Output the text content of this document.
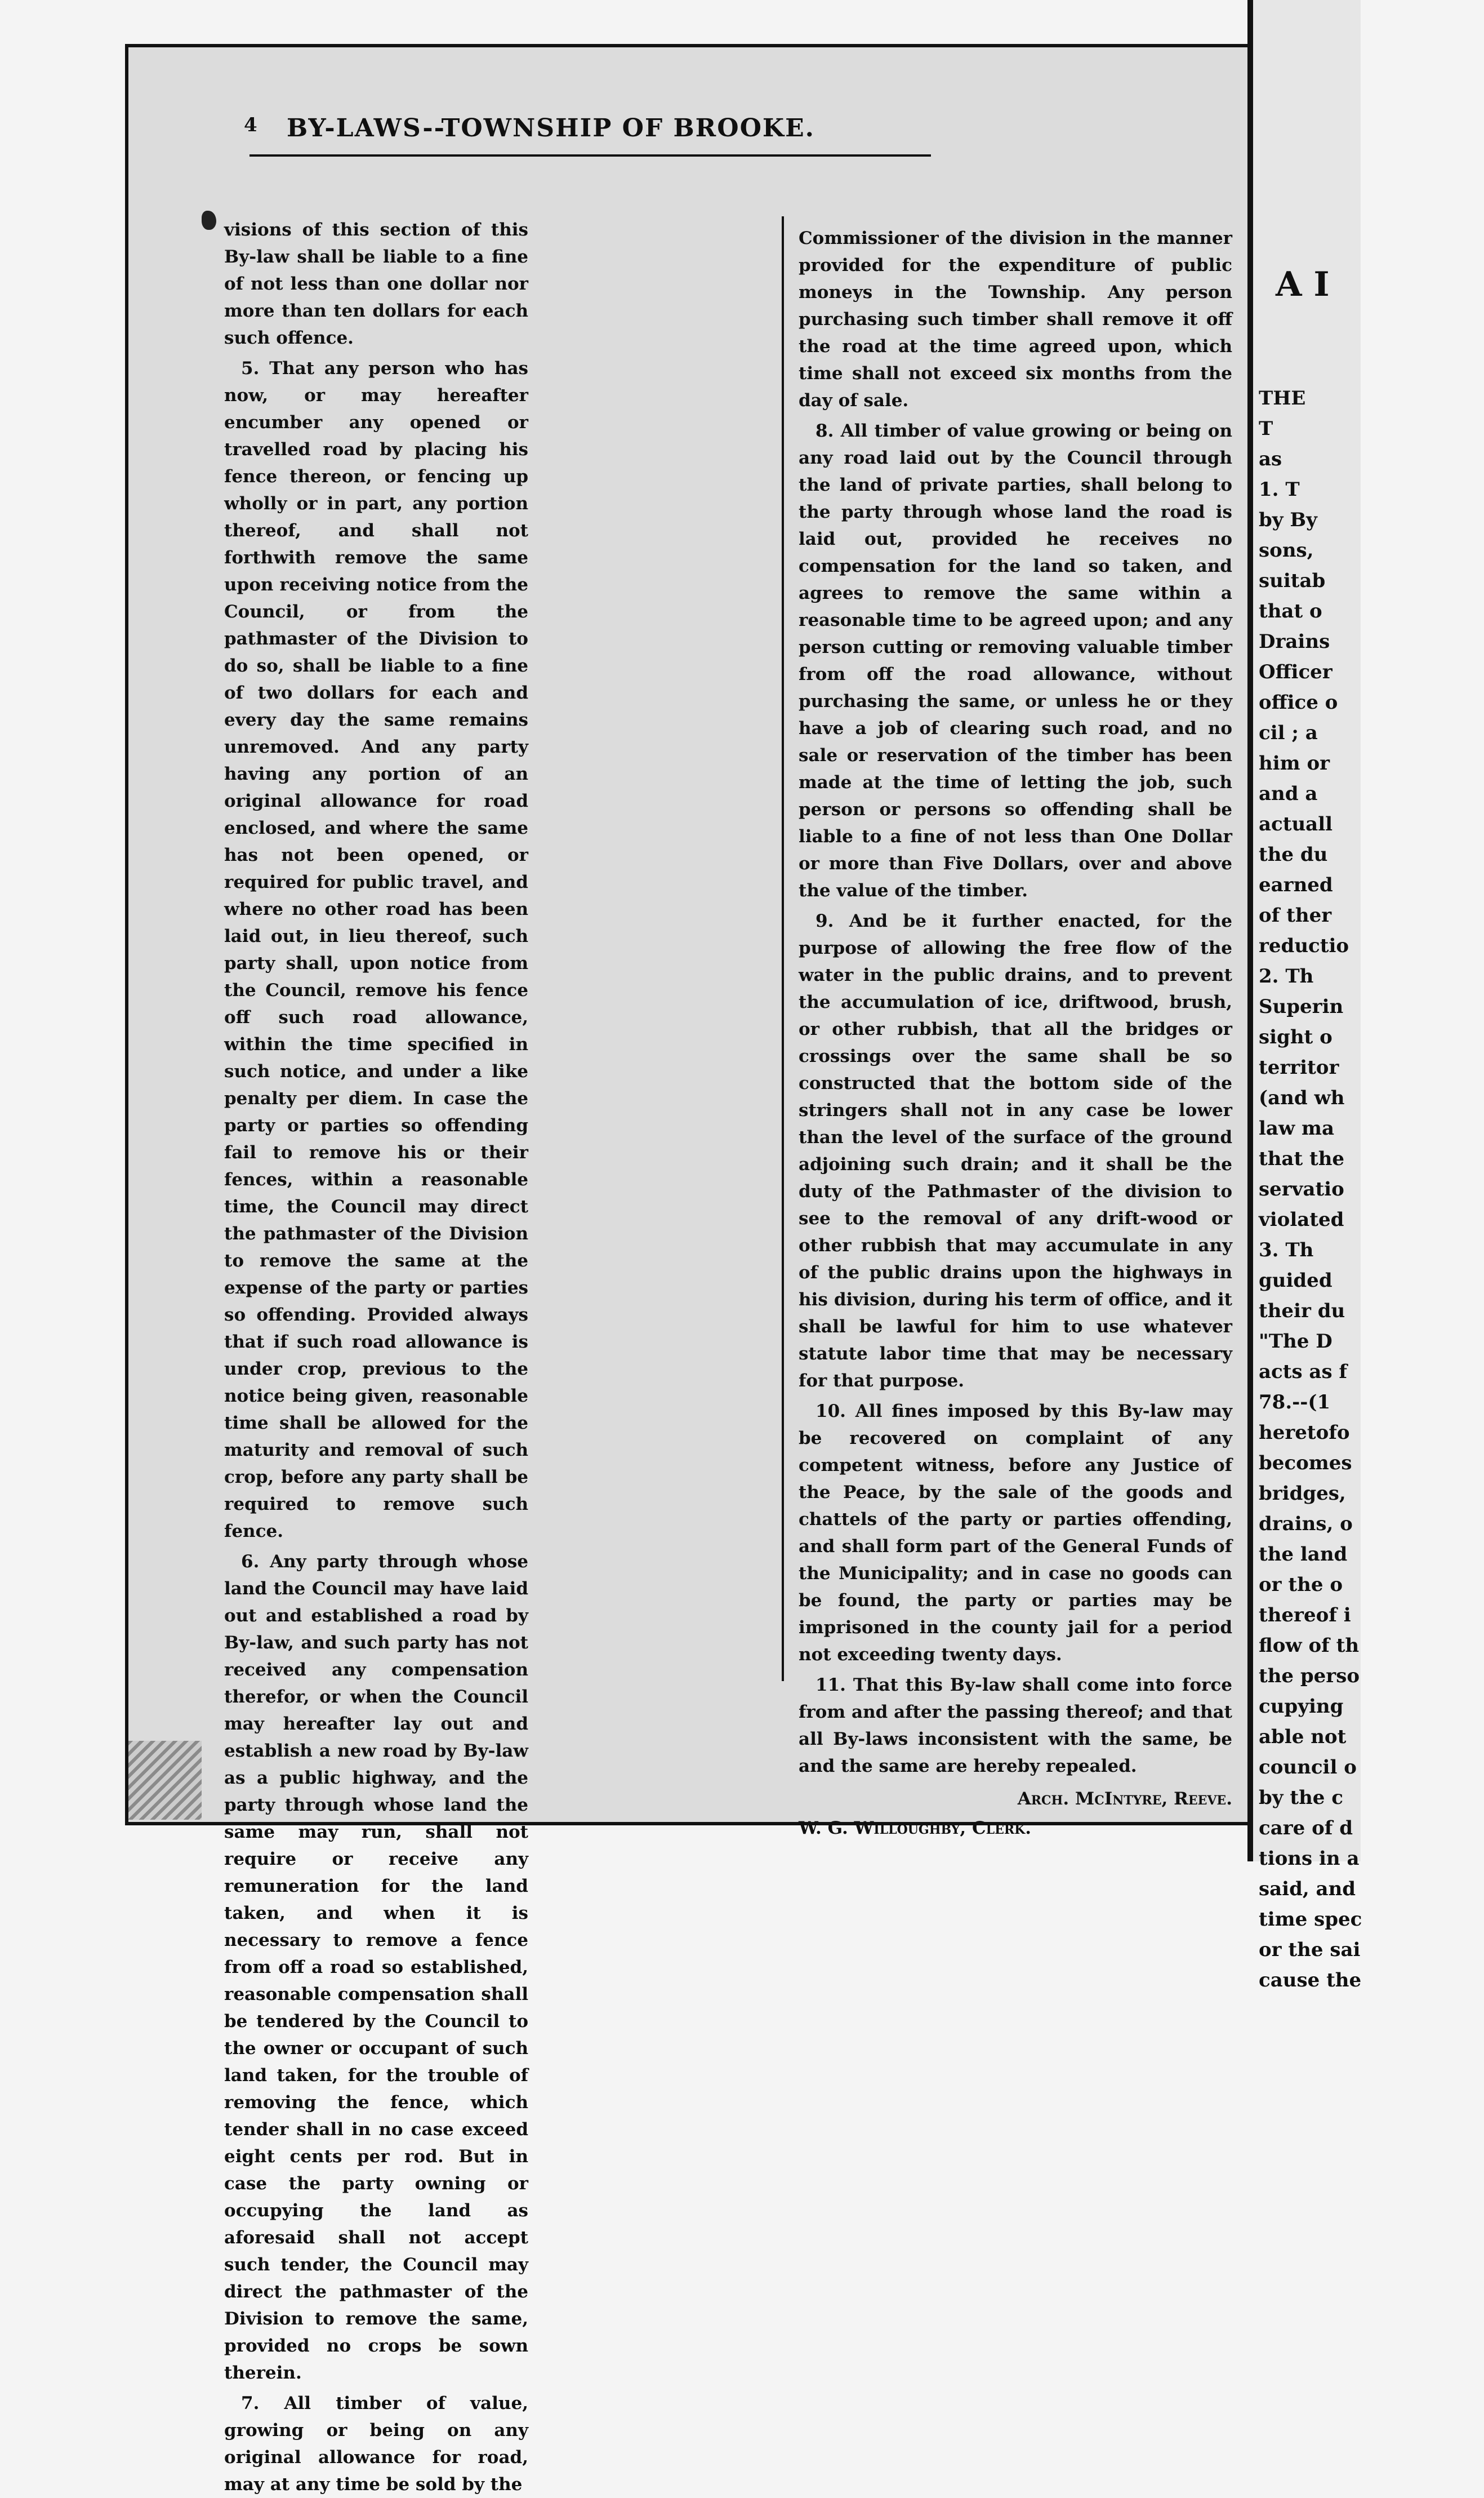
4	BY-LAWS--TOWNSHIP OF BROOKE.

visions of this section of this By-law shall be liable to a fine of not less than one dollar nor more than ten dollars for each such offence.

5. That any person who has now, or may hereafter encumber any opened or travelled road by placing his fence thereon, or fencing up wholly or in part, any portion thereof, and shall not forthwith remove the same upon receiving notice from the Council, or from the pathmaster of the Division to do so, shall be liable to a fine of two dollars for each and every day the same remains unremoved. And any party having any portion of an original allowance for road enclosed, and where the same has not been opened, or required for public travel, and where no other road has been laid out, in lieu thereof, such party shall, upon notice from the Council, remove his fence off such road allowance, within the time specified in such notice, and under a like penalty per diem. In case the party or parties so offending fail to remove his or their fences, within a reasonable time, the Council may direct the pathmaster of the Division to remove the same at the expense of the party or parties so offending. Provided always that if such road allowance is under crop, previous to the notice being given, reasonable time shall be allowed for the maturity and removal of such crop, before any party shall be required to remove such fence.

6. Any party through whose land the Council may have laid out and established a road by By-law, and such party has not received any compensation therefor, or when the Council may hereafter lay out and establish a new road by By-law as a public highway, and the party through whose land the same may run, shall not require or receive any remuneration for the land taken, and when it is necessary to remove a fence from off a road so established, reasonable compensation shall be tendered by the Council to the owner or occupant of such land taken, for the trouble of removing the fence, which tender shall in no case exceed eight cents per rod. But in case the party owning or occupying the land as aforesaid shall not accept such tender, the Council may direct the pathmaster of the Division to remove the same, provided no crops be sown therein.

7. All timber of value, growing or being on any original allowance for road, may at any time be sold by the

Commissioner of the division in the manner provided for the expenditure of public moneys in the Township. Any person purchasing such timber shall remove it off the road at the time agreed upon, which time shall not exceed six months from the day of sale.

8. All timber of value growing or being on any road laid out by the Council through the land of private parties, shall belong to the party through whose land the road is laid out, provided he receives no compensation for the land so taken, and agrees to remove the same within a reasonable time to be agreed upon; and any person cutting or removing valuable timber from off the road allowance, without purchasing the same, or unless he or they have a job of clearing such road, and no sale or reservation of the timber has been made at the time of letting the job, such person or persons so offending shall be liable to a fine of not less than One Dollar or more than Five Dollars, over and above the value of the timber.

9. And be it further enacted, for the purpose of allowing the free flow of the water in the public drains, and to prevent the accumulation of ice, driftwood, brush, or other rubbish, that all the bridges or crossings over the same shall be so constructed that the bottom side of the stringers shall not in any case be lower than the level of the surface of the ground adjoining such drain; and it shall be the duty of the Pathmaster of the division to see to the removal of any drift-wood or other rubbish that may accumulate in any of the public drains upon the highways in his division, during his term of office, and it shall be lawful for him to use whatever statute labor time that may be necessary for that purpose.

10. All fines imposed by this By-law may be recovered on complaint of any competent witness, before any Justice of the Peace, by the sale of the goods and chattels of the party or parties offending, and shall form part of the General Funds of the Municipality; and in case no goods can be found, the party or parties may be imprisoned in the county jail for a period not exceeding twenty days.

11. That this By-law shall come into force from and after the passing thereof; and that all By-laws inconsistent with the same, be and the same are hereby repealed.

Arch. McIntyre, Reeve.
W. G. Willoughby, Clerk.
A I
THE
T
as
1. T
by By
sons,
suitab
that o
Drains
Officer
office o
cil ; a
him or
and a
actuall
the du
earned
of ther
reductio
2. Th
Superin
sight o
territor
(and wh
law ma
that the
servatio
violated
3. Th
guided
their du
"The D
acts as f
78.--(1
heretofo
becomes
bridges,
drains, o
the land
or the o
thereof i
flow of th
the perso
cupying
able not
council o
by the c
care of d
tions in a
said, and
time spec
or the sai
cause the
